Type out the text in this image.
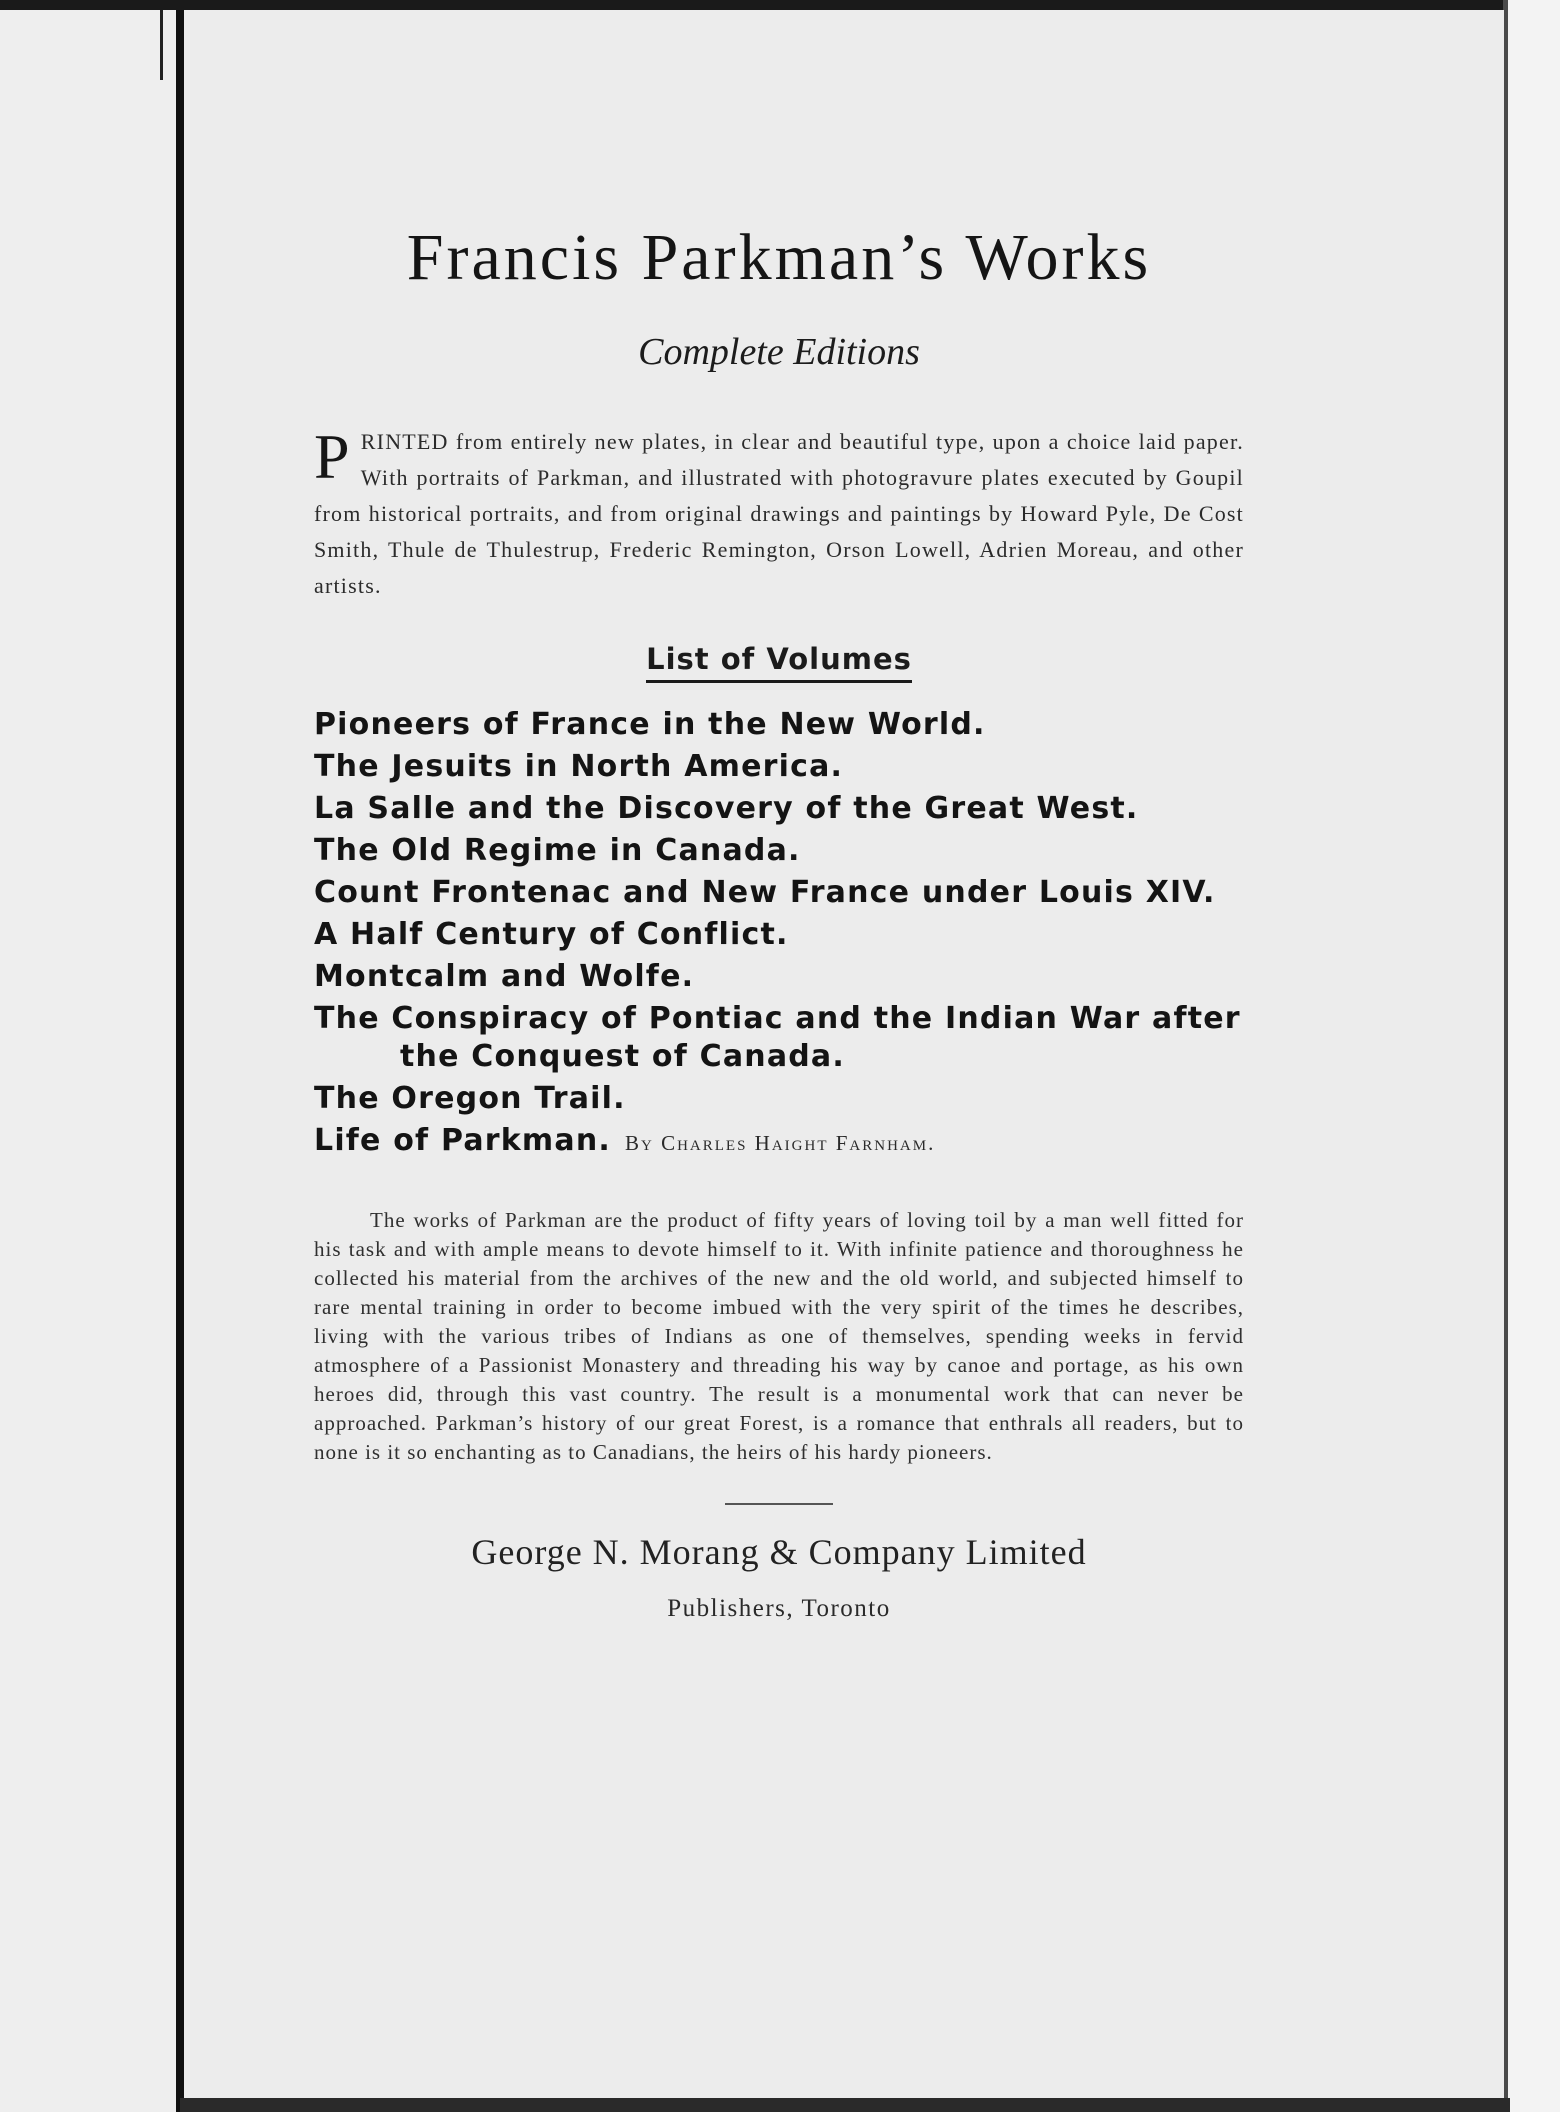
Francis Parkman’s Works
Complete Editions

PRINTED from entirely new plates, in clear and beautiful type, upon a choice laid paper. With portraits of Parkman, and illustrated with photogravure plates executed by Goupil from historical portraits, and from original drawings and paintings by Howard Pyle, De Cost Smith, Thule de Thulestrup, Frederic Remington, Orson Lowell, Adrien Moreau, and other artists.

List of Volumes
Pioneers of France in the New World.
The Jesuits in North America.
La Salle and the Discovery of the Great West.
The Old Regime in Canada.
Count Frontenac and New France under Louis XIV.
A Half Century of Conflict.
Montcalm and Wolfe.
The Conspiracy of Pontiac and the Indian War after the Conquest of Canada.
The Oregon Trail.
Life of Parkman. By Charles Haight Farnham.

The works of Parkman are the product of fifty years of loving toil by a man well fitted for his task and with ample means to devote himself to it. With infinite patience and thoroughness he collected his material from the archives of the new and the old world, and subjected himself to rare mental training in order to become imbued with the very spirit of the times he describes, living with the various tribes of Indians as one of themselves, spending weeks in fervid atmosphere of a Passionist Monastery and threading his way by canoe and portage, as his own heroes did, through this vast country. The result is a monumental work that can never be approached. Parkman’s history of our great Forest, is a romance that enthrals all readers, but to none is it so enchanting as to Canadians, the heirs of his hardy pioneers.

George N. Morang & Company Limited

Publishers, Toronto
